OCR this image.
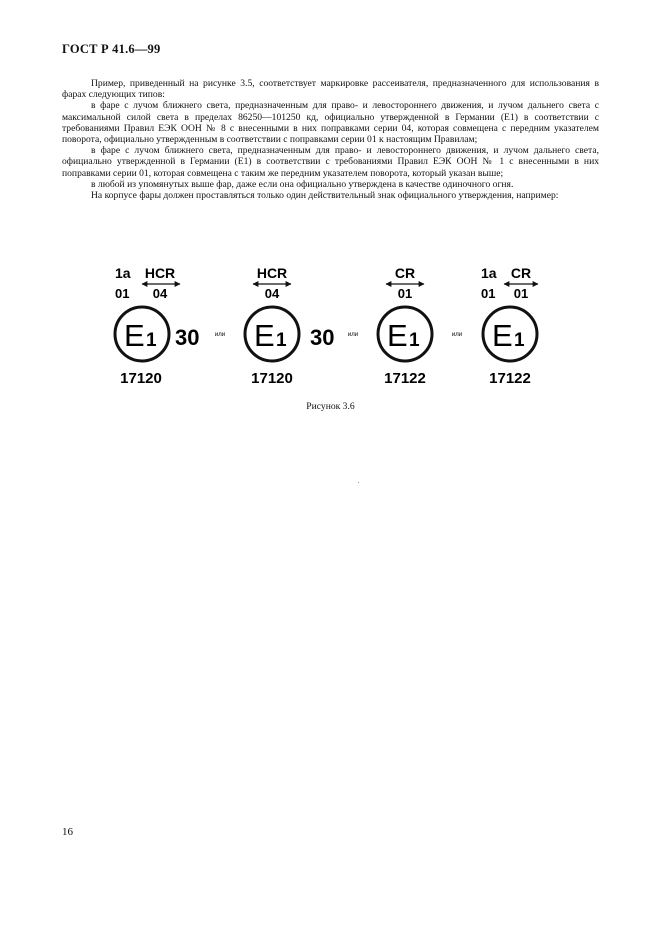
ГОСТ Р 41.6—99

Пример, приведенный на рисунке 3.5, соответствует маркировке рассеивателя, предназначенного для использования в фарах следующих типов:

в фаре с лучом ближнего света, предназначенным для право- и левостороннего движения, и лучом дальнего света с максимальной силой света в пределах 86250—101250 кд, официально утвержденной в Германии (Е1) в соответствии с требованиями Правил ЕЭК ООН № 8 с внесенными в них поправками серии 04, которая совмещена с передним указателем поворота, официально утвержденным в соответствии с поправками серии 01 к настоящим Правилам;

в фаре с лучом ближнего света, предназначенным для право- и левостороннего движения, и лучом дальнего света, официально утвержденной в Германии (Е1) в соответствии с требованиями Правил ЕЭК ООН № 1 с внесенными в них поправками серии 01, которая совмещена с таким же передним указателем поворота, который указан выше;

в любой из упомянутых выше фар, даже если она официально утверждена в качестве одиночного огня.

На корпусе фары должен проставляться только один действительный знак официального утверждения, например:

1a
01
HCR
04
E 1 30
17120
или
HCR
04
E 1 30
17120
или
CR
01
E 1
17122
или
1a
01
CR
01
E 1
17122
Рисунок 3.6
16
